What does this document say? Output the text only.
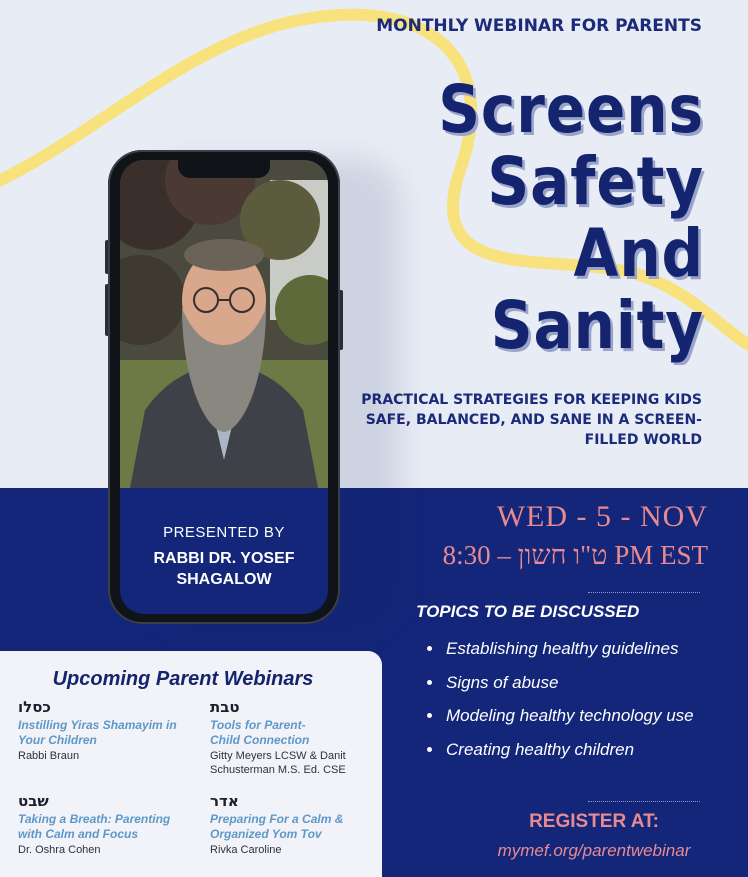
MONTHLY WEBINAR FOR PARENTS
Screens
Safety
And
Sanity
PRACTICAL STRATEGIES FOR KEEPING KIDS SAFE, BALANCED, AND SANE IN A SCREEN-FILLED WORLD
PRESENTED BY
RABBI DR. YOSEF SHAGALOW
WED - 5 - NOV
ט"ו חשון – 8:30 PM EST
TOPICS TO BE DISCUSSED
• Establishing healthy guidelines
• Signs of abuse
• Modeling healthy technology use
• Creating healthy children
REGISTER AT:
mymef.org/parentwebinar
Upcoming Parent Webinars
כסלו
Instilling Yiras Shamayim in Your Children
Rabbi Braun
טבת
Tools for Parent-Child Connection
Gitty Meyers LCSW & Danit Schusterman M.S. Ed. CSE
שבט
Taking a Breath: Parenting with Calm and Focus
Dr. Oshra Cohen
אדר
Preparing For a Calm & Organized Yom Tov
Rivka Caroline
